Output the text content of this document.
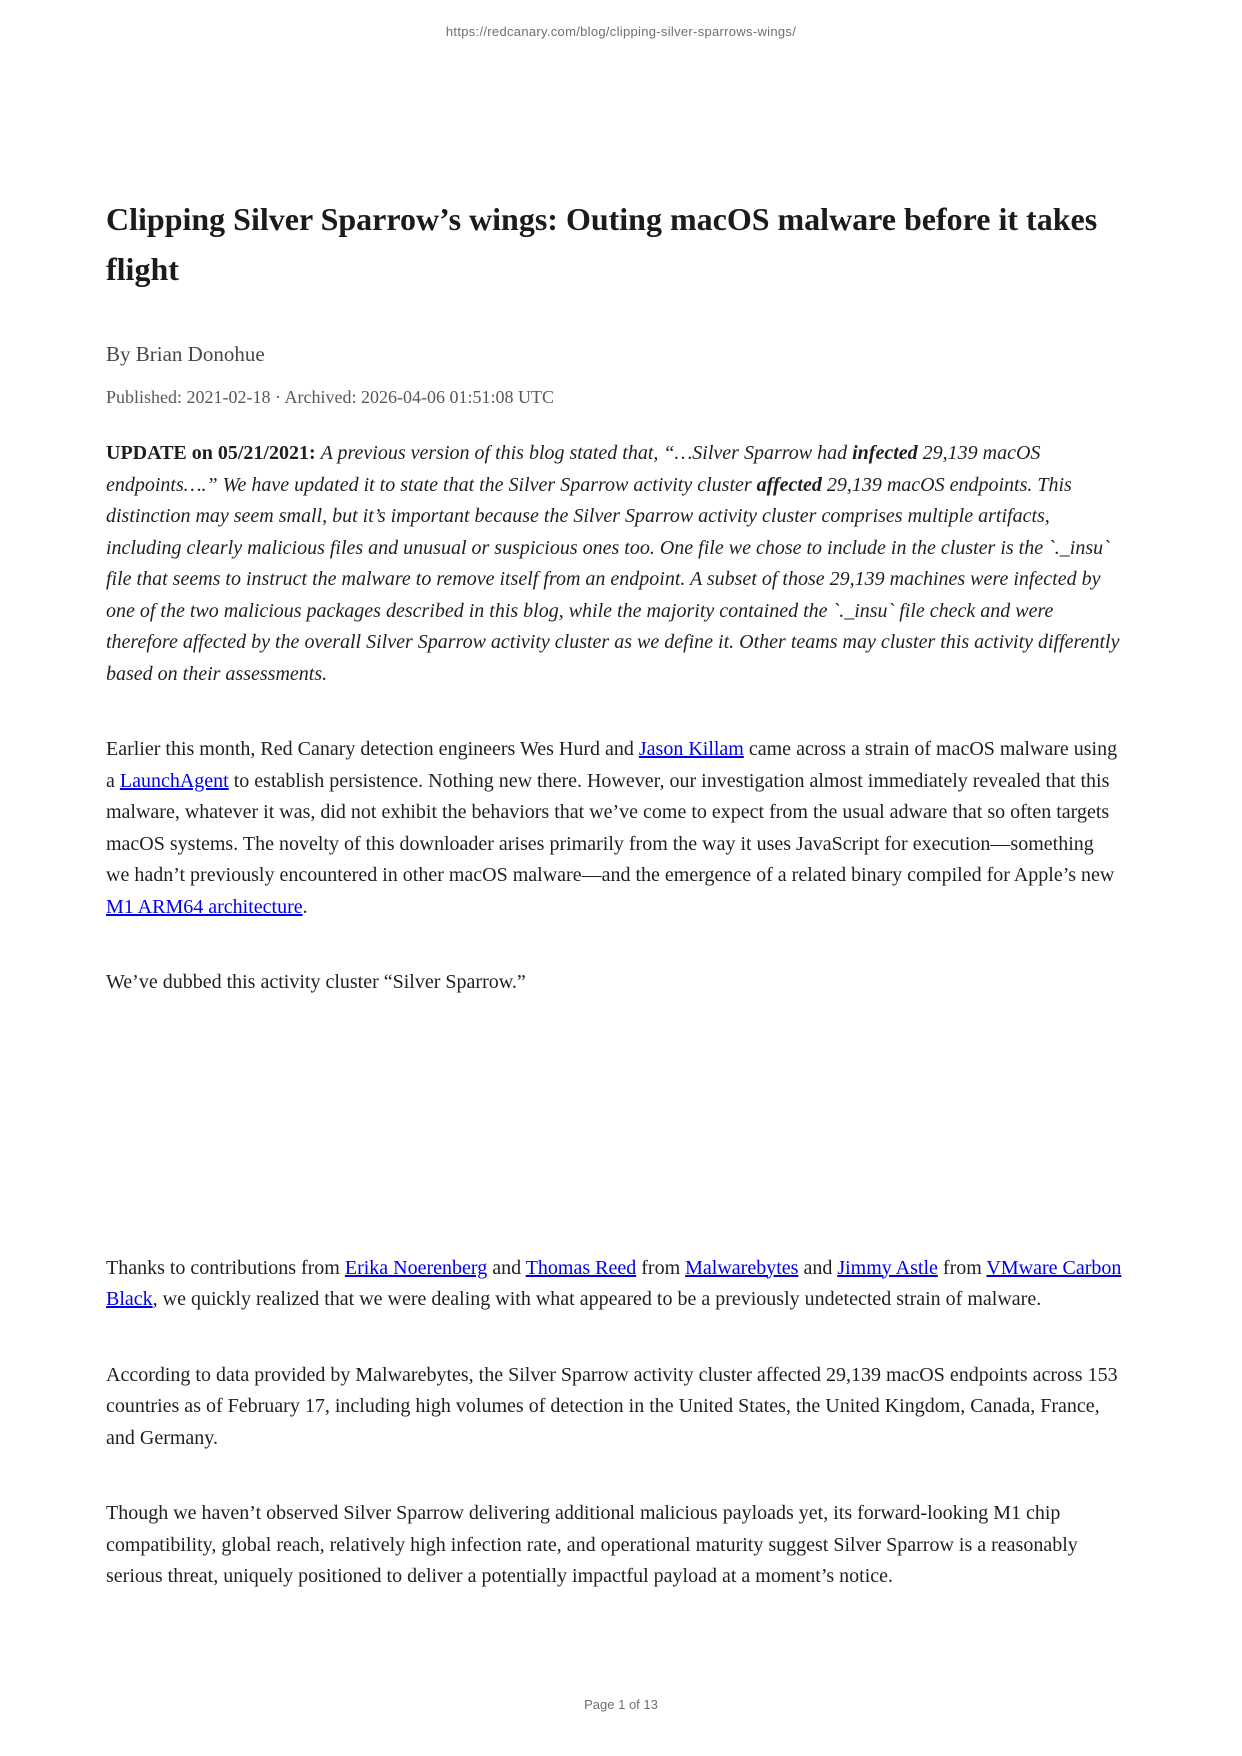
https://redcanary.com/blog/clipping-silver-sparrows-wings/
Clipping Silver Sparrow’s wings: Outing macOS malware before it takes flight
By Brian Donohue
Published: 2021-02-18 · Archived: 2026-04-06 01:51:08 UTC

UPDATE on 05/21/2021: A previous version of this blog stated that, “…Silver Sparrow had infected 29,139 macOS endpoints….” We have updated it to state that the Silver Sparrow activity cluster affected 29,139 macOS endpoints. This distinction may seem small, but it’s important because the Silver Sparrow activity cluster comprises multiple artifacts, including clearly malicious files and unusual or suspicious ones too. One file we chose to include in the cluster is the `._insu` file that seems to instruct the malware to remove itself from an endpoint. A subset of those 29,139 machines were infected by one of the two malicious packages described in this blog, while the majority contained the `._insu` file check and were therefore affected by the overall Silver Sparrow activity cluster as we define it. Other teams may cluster this activity differently based on their assessments.

Earlier this month, Red Canary detection engineers Wes Hurd and Jason Killam came across a strain of macOS malware using a LaunchAgent to establish persistence. Nothing new there. However, our investigation almost immediately revealed that this malware, whatever it was, did not exhibit the behaviors that we’ve come to expect from the usual adware that so often targets macOS systems. The novelty of this downloader arises primarily from the way it uses JavaScript for execution—something we hadn’t previously encountered in other macOS malware—and the emergence of a related binary compiled for Apple’s new M1 ARM64 architecture.

We’ve dubbed this activity cluster “Silver Sparrow.”

Thanks to contributions from Erika Noerenberg and Thomas Reed from Malwarebytes and Jimmy Astle from VMware Carbon Black, we quickly realized that we were dealing with what appeared to be a previously undetected strain of malware.

According to data provided by Malwarebytes, the Silver Sparrow activity cluster affected 29,139 macOS endpoints across 153 countries as of February 17, including high volumes of detection in the United States, the United Kingdom, Canada, France, and Germany.

Though we haven’t observed Silver Sparrow delivering additional malicious payloads yet, its forward-looking M1 chip compatibility, global reach, relatively high infection rate, and operational maturity suggest Silver Sparrow is a reasonably serious threat, uniquely positioned to deliver a potentially impactful payload at a moment’s notice.

Page 1 of 13
